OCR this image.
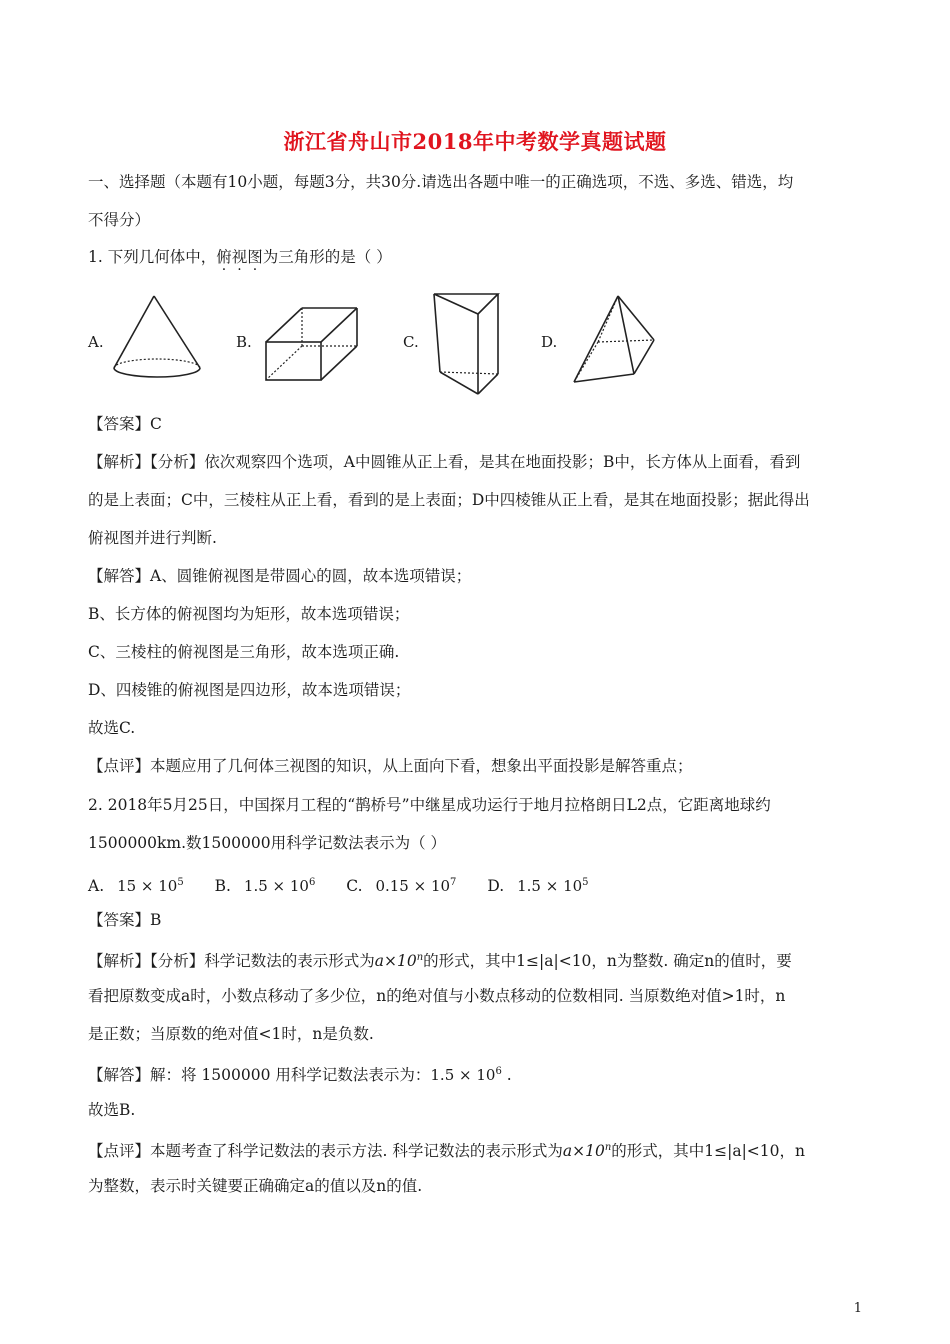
浙江省舟山市2018年中考数学真题试题
一、选择题（本题有10小题，每题3分，共30分.请选出各题中唯一的正确选项，不选、多选、错选，均
不得分）
1. 下列几何体中，俯视图为三角形的是（ ）
A.	B.	C.	D.
【答案】C
【解析】【分析】依次观察四个选项，A中圆锥从正上看，是其在地面投影；B中，长方体从上面看，看到
的是上表面；C中，三棱柱从正上看，看到的是上表面；D中四棱锥从正上看，是其在地面投影；据此得出
俯视图并进行判断.
【解答】A、圆锥俯视图是带圆心的圆，故本选项错误；
B、长方体的俯视图均为矩形，故本选项错误；
C、三棱柱的俯视图是三角形，故本选项正确.
D、四棱锥的俯视图是四边形，故本选项错误；
故选C.
【点评】本题应用了几何体三视图的知识，从上面向下看，想象出平面投影是解答重点；
2. 2018年5月25日，中国探月工程的“鹊桥号”中继星成功运行于地月拉格朗日L2点，它距离地球约
1500000km.数1500000用科学记数法表示为（ ）
A. $15 \times 10^5$ B. $1.5 \times 10^6$ C. $0.15 \times 10^7$ D. $1.5 \times 10^5$
【答案】B
【解析】【分析】科学记数法的表示形式为$a\times 10^n$的形式，其中1≤|a|<10，n为整数. 确定n的值时，要
看把原数变成a时，小数点移动了多少位，n的绝对值与小数点移动的位数相同. 当原数绝对值>1时，n
是正数；当原数的绝对值<1时，n是负数.
【解答】解：将 1500000 用科学记数法表示为：$1.5 \times 10^6$ .
故选B.
【点评】本题考查了科学记数法的表示方法. 科学记数法的表示形式为$a\times 10^n$的形式，其中1≤|a|<10，n
为整数，表示时关键要正确确定a的值以及n的值.
1
